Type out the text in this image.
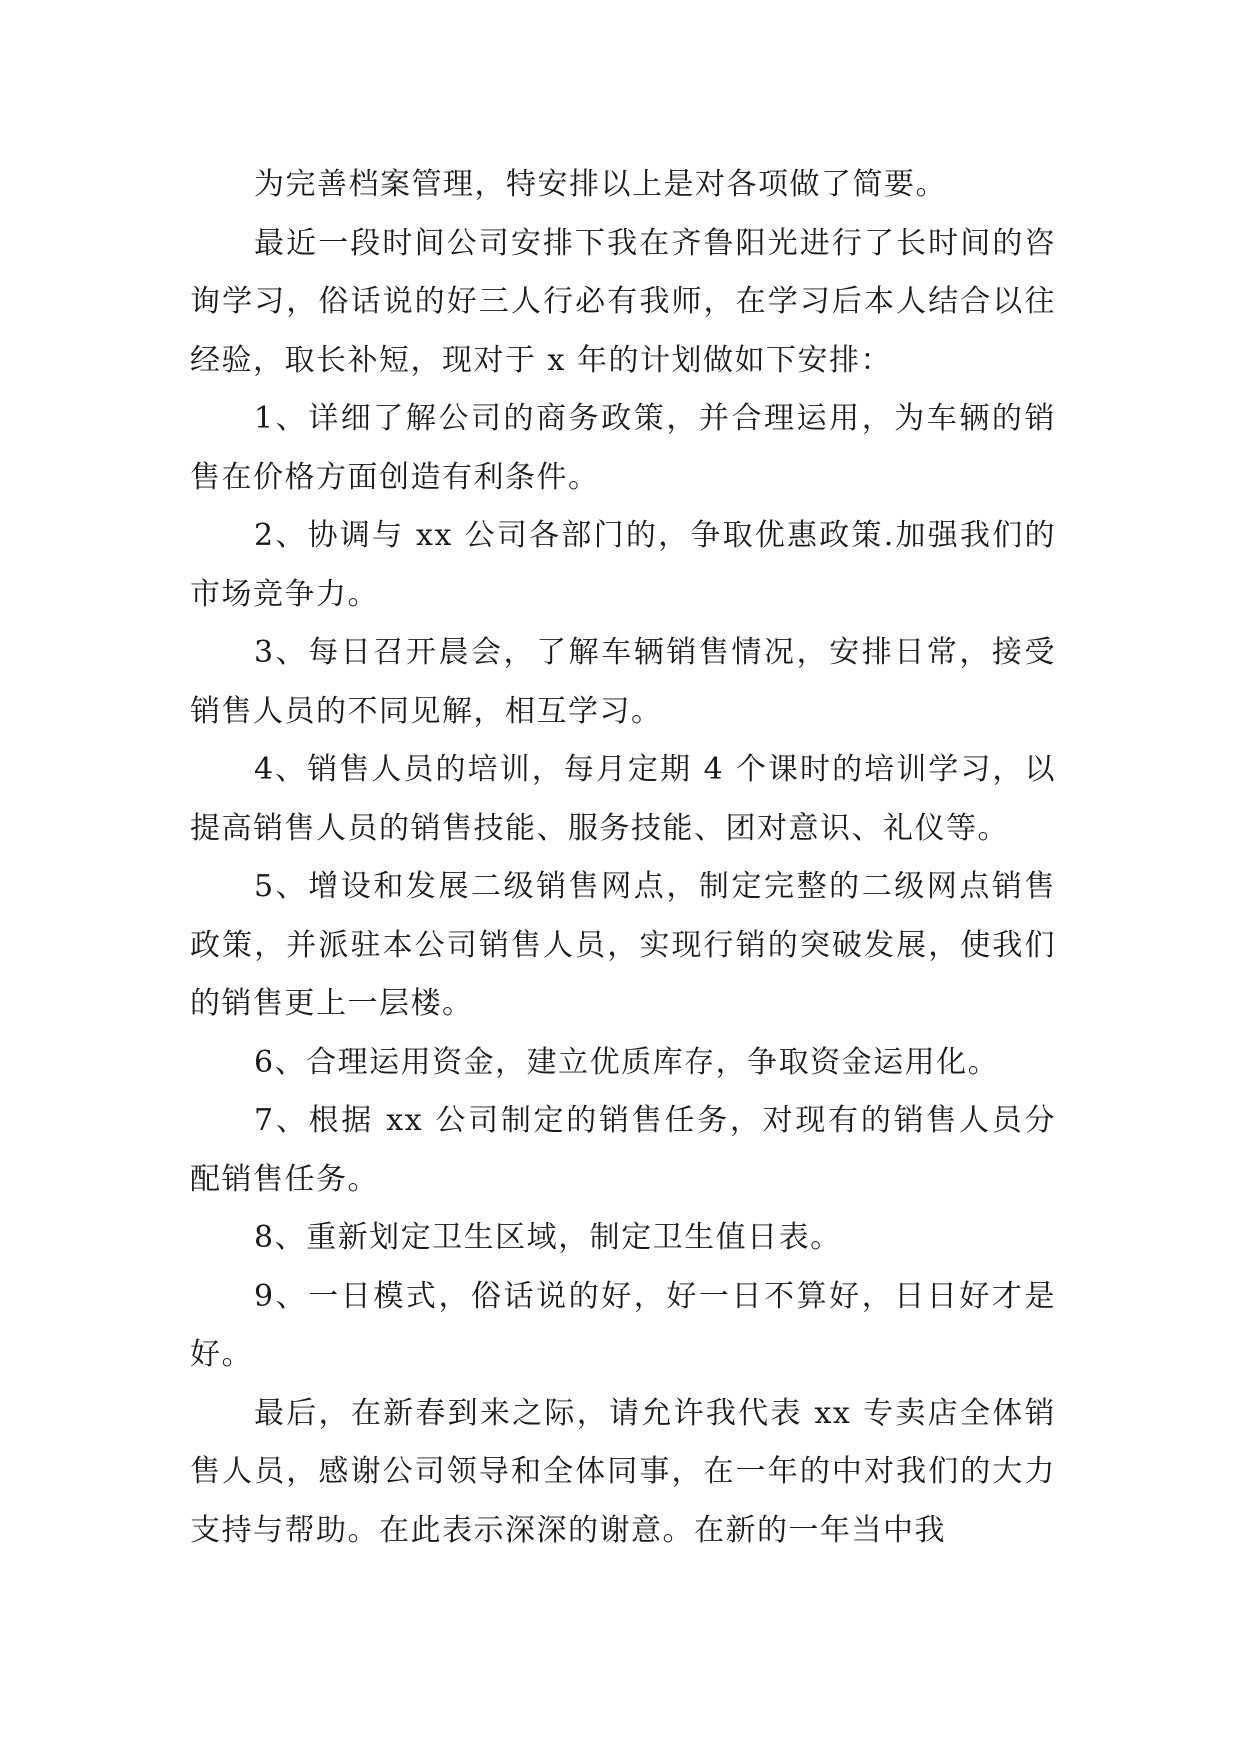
为完善档案管理，特安排以上是对各项做了简要。

最近一段时间公司安排下我在齐鲁阳光进行了长时间的咨询学习，俗话说的好三人行必有我师，在学习后本人结合以往经验，取长补短，现对于 x 年的计划做如下安排：

1、详细了解公司的商务政策，并合理运用，为车辆的销售在价格方面创造有利条件。

2、协调与 xx 公司各部门的，争取优惠政策.加强我们的市场竞争力。

3、每日召开晨会，了解车辆销售情况，安排日常，接受销售人员的不同见解，相互学习。

4、销售人员的培训，每月定期 4 个课时的培训学习，以提高销售人员的销售技能、服务技能、团对意识、礼仪等。

5、增设和发展二级销售网点，制定完整的二级网点销售政策，并派驻本公司销售人员，实现行销的突破发展，使我们的销售更上一层楼。

6、合理运用资金，建立优质库存，争取资金运用化。

7、根据 xx 公司制定的销售任务，对现有的销售人员分配销售任务。

8、重新划定卫生区域，制定卫生值日表。

9、一日模式，俗话说的好，好一日不算好，日日好才是好。

最后，在新春到来之际，请允许我代表 xx 专卖店全体销售人员，感谢公司领导和全体同事，在一年的中对我们的大力支持与帮助。在此表示深深的谢意。在新的一年当中我
